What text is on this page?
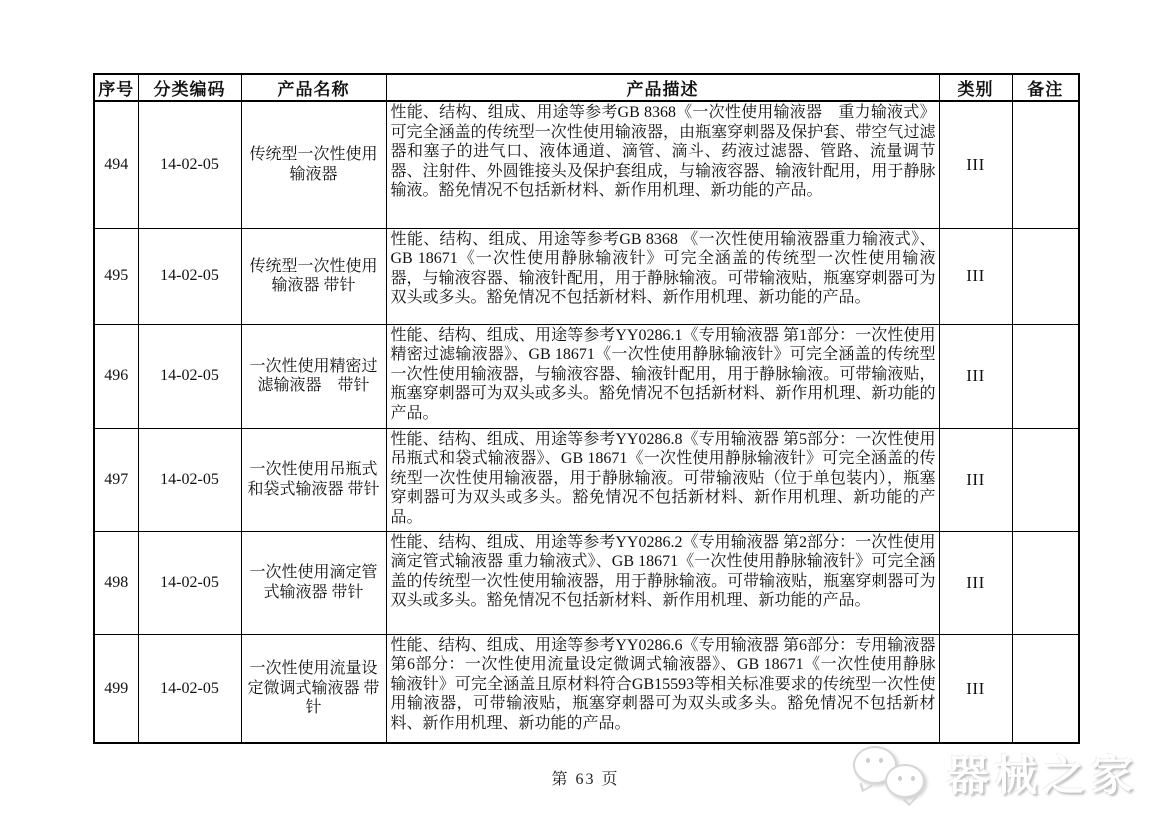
序号	分类编码	产品名称	产品描述	类别	备注
494	14-02-05	传统型一次性使用输液器	性能、结构、组成、用途等参考GB 8368《一次性使用输液器　重力输液式》可完全涵盖的传统型一次性使用输液器，由瓶塞穿刺器及保护套、带空气过滤器和塞子的进气口、液体通道、滴管、滴斗、药液过滤器、管路、流量调节器、注射件、外圆锥接头及保护套组成，与输液容器、输液针配用，用于静脉输液。豁免情况不包括新材料、新作用机理、新功能的产品。	III	
495	14-02-05	传统型一次性使用输液器 带针	性能、结构、组成、用途等参考GB 8368 《一次性使用输液器重力输液式》、GB 18671《一次性使用静脉输液针》可完全涵盖的传统型一次性使用输液器，与输液容器、输液针配用，用于静脉输液。可带输液贴，瓶塞穿刺器可为双头或多头。豁免情况不包括新材料、新作用机理、新功能的产品。	III	
496	14-02-05	一次性使用精密过滤输液器　带针	性能、结构、组成、用途等参考YY0286.1《专用输液器 第1部分：一次性使用精密过滤输液器》、GB 18671《一次性使用静脉输液针》可完全涵盖的传统型一次性使用输液器，与输液容器、输液针配用，用于静脉输液。可带输液贴，瓶塞穿刺器可为双头或多头。豁免情况不包括新材料、新作用机理、新功能的产品。	III	
497	14-02-05	一次性使用吊瓶式和袋式输液器 带针	性能、结构、组成、用途等参考YY0286.8《专用输液器 第5部分：一次性使用吊瓶式和袋式输液器》、GB 18671《一次性使用静脉输液针》可完全涵盖的传统型一次性使用输液器，用于静脉输液。可带输液贴（位于单包装内），瓶塞穿刺器可为双头或多头。豁免情况不包括新材料、新作用机理、新功能的产品。	III	
498	14-02-05	一次性使用滴定管式输液器 带针	性能、结构、组成、用途等参考YY0286.2《专用输液器 第2部分：一次性使用滴定管式输液器 重力输液式》、GB 18671《一次性使用静脉输液针》可完全涵盖的传统型一次性使用输液器，用于静脉输液。可带输液贴，瓶塞穿刺器可为双头或多头。豁免情况不包括新材料、新作用机理、新功能的产品。	III	
499	14-02-05	一次性使用流量设定微调式输液器 带针	性能、结构、组成、用途等参考YY0286.6《专用输液器 第6部分：专用输液器 第6部分：一次性使用流量设定微调式输液器》、GB 18671《一次性使用静脉输液针》可完全涵盖且原材料符合GB15593等相关标准要求的传统型一次性使用输液器，可带输液贴，瓶塞穿刺器可为双头或多头。豁免情况不包括新材料、新作用机理、新功能的产品。	III	
第 63 页	器械之家
